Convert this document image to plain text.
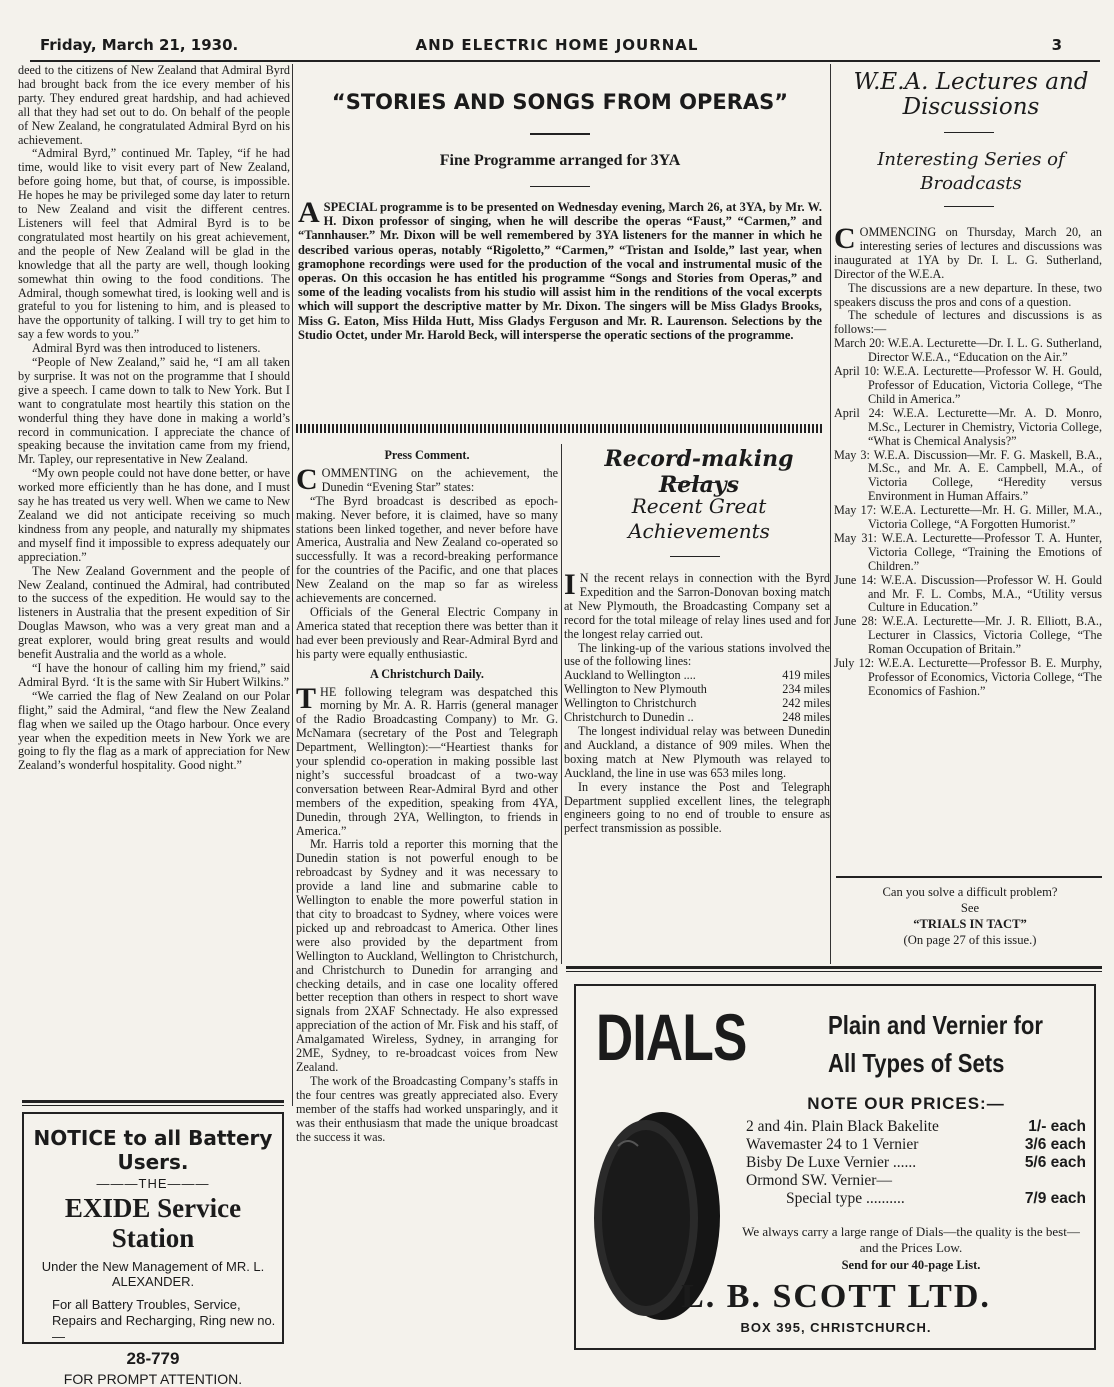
Friday, March 21, 1930.	AND ELECTRIC HOME JOURNAL	3

deed to the citizens of New Zealand that Admiral Byrd had brought back from the ice every member of his party. They endured great hardship, and had achieved all that they had set out to do. On behalf of the people of New Zealand, he congratulated Admiral Byrd on his achievement.

“Admiral Byrd,” continued Mr. Tapley, “if he had time, would like to visit every part of New Zealand, before going home, but that, of course, is impossible. He hopes he may be privileged some day later to return to New Zealand and visit the different centres. Listeners will feel that Admiral Byrd is to be congratulated most heartily on his great achievement, and the people of New Zealand will be glad in the knowledge that all the party are well, though looking somewhat thin owing to the food conditions. The Admiral, though somewhat tired, is looking well and is grateful to you for listening to him, and is pleased to have the opportunity of talking. I will try to get him to say a few words to you.”

Admiral Byrd was then introduced to listeners.

“People of New Zealand,” said he, “I am all taken by surprise. It was not on the programme that I should give a speech. I came down to talk to New York. But I want to congratulate most heartily this station on the wonderful thing they have done in making a world’s record in communication. I appreciate the chance of speaking because the invitation came from my friend, Mr. Tapley, our representative in New Zealand.

“My own people could not have done better, or have worked more efficiently than he has done, and I must say he has treated us very well. When we came to New Zealand we did not anticipate receiving so much kindness from any people, and naturally my shipmates and myself find it impossible to express adequately our appreciation.”

The New Zealand Government and the people of New Zealand, continued the Admiral, had contributed to the success of the expedition. He would say to the listeners in Australia that the present expedition of Sir Douglas Mawson, who was a very great man and a great explorer, would bring great results and would benefit Australia and the world as a whole.

“I have the honour of calling him my friend,” said Admiral Byrd. ‘It is the same with Sir Hubert Wilkins.”

“We carried the flag of New Zealand on our Polar flight,” said the Admiral, “and flew the New Zealand flag when we sailed up the Otago harbour. Once every year when the expedition meets in New York we are going to fly the flag as a mark of appreciation for New Zealand’s wonderful hospitality. Good night.”

“STORIES AND SONGS FROM OPERAS”
Fine Programme arranged for 3YA
A SPECIAL programme is to be presented on Wednesday evening, March 26, at 3YA, by Mr. W. H. Dixon professor of singing, when he will describe the operas “Faust,” “Carmen,” and “Tannhauser.” Mr. Dixon will be well remembered by 3YA listeners for the manner in which he described various operas, notably “Rigoletto,” “Carmen,” “Tristan and Isolde,” last year, when gramophone recordings were used for the production of the vocal and instrumental music of the operas. On this occasion he has entitled his programme “Songs and Stories from Operas,” and some of the leading vocalists from his studio will assist him in the renditions of the vocal excerpts which will support the descriptive matter by Mr. Dixon. The singers will be Miss Gladys Brooks, Miss G. Eaton, Miss Hilda Hutt, Miss Gladys Ferguson and Mr. R. Laurenson. Selections by the Studio Octet, under Mr. Harold Beck, will intersperse the operatic sections of the programme.

Press Comment.

COMMENTING on the achievement, the Dunedin “Evening Star” states:

“The Byrd broadcast is described as epoch-making. Never before, it is claimed, have so many stations been linked together, and never before have America, Australia and New Zealand co-operated so successfully. It was a record-breaking performance for the countries of the Pacific, and one that places New Zealand on the map so far as wireless achievements are concerned.

Officials of the General Electric Company in America stated that reception there was better than it had ever been previously and Rear-Admiral Byrd and his party were equally enthusiastic.

A Christchurch Daily.

THE following telegram was despatched this morning by Mr. A. R. Harris (general manager of the Radio Broadcasting Company) to Mr. G. McNamara (secretary of the Post and Telegraph Department, Wellington):—“Heartiest thanks for your splendid co-operation in making possible last night’s successful broadcast of a two-way conversation between Rear-Admiral Byrd and other members of the expedition, speaking from 4YA, Dunedin, through 2YA, Wellington, to friends in America.”

Mr. Harris told a reporter this morning that the Dunedin station is not powerful enough to be rebroadcast by Sydney and it was necessary to provide a land line and submarine cable to Wellington to enable the more powerful station in that city to broadcast to Sydney, where voices were picked up and rebroadcast to America. Other lines were also provided by the department from Wellington to Auckland, Wellington to Christchurch, and Christchurch to Dunedin for arranging and checking details, and in case one locality offered better reception than others in respect to short wave signals from 2XAF Schnectady. He also expressed appreciation of the action of Mr. Fisk and his staff, of Amalgamated Wireless, Sydney, in arranging for 2ME, Sydney, to re-broadcast voices from New Zealand.

The work of the Broadcasting Company’s staffs in the four centres was greatly appreciated also. Every member of the staffs had worked unsparingly, and it was their enthusiasm that made the unique broadcast the success it was.

Record-making Relays
Recent Great Achievements

I N the recent relays in connection with the Byrd Expedition and the Sarron-Donovan boxing match at New Plymouth, the Broadcasting Company set a record for the total mileage of relay lines used and for the longest relay carried out.

The linking-up of the various stations involved the use of the following lines:

Auckland to Wellington ....	419 miles
Wellington to New Plymouth	234 miles
Wellington to Christchurch	242 miles
Christchurch to Dunedin ..	248 miles

The longest individual relay was between Dunedin and Auckland, a distance of 909 miles. When the boxing match at New Plymouth was relayed to Auckland, the line in use was 653 miles long.

In every instance the Post and Telegraph Department supplied excellent lines, the telegraph engineers going to no end of trouble to ensure as perfect transmission as possible.

W.E.A. Lectures and
Discussions
Interesting Series of
Broadcasts

COMMENCING on Thursday, March 20, an interesting series of lectures and discussions was inaugurated at 1YA by Dr. I. L. G. Sutherland, Director of the W.E.A.

The discussions are a new departure. In these, two speakers discuss the pros and cons of a question.

The schedule of lectures and discussions is as follows:—

March 20: W.E.A. Lecturette—Dr. I. L. G. Sutherland, Director W.E.A., “Education on the Air.”
April 10: W.E.A. Lecturette—Professor W. H. Gould, Professor of Education, Victoria College, “The Child in America.”
April 24: W.E.A. Lecturette—Mr. A. D. Monro, M.Sc., Lecturer in Chemistry, Victoria College, “What is Chemical Analysis?”
May 3: W.E.A. Discussion—Mr. F. G. Maskell, B.A., M.Sc., and Mr. A. E. Campbell, M.A., of Victoria College, “Heredity versus Environment in Human Affairs.”
May 17: W.E.A. Lecturette—Mr. H. G. Miller, M.A., Victoria College, “A Forgotten Humorist.”
May 31: W.E.A. Lecturette—Professor T. A. Hunter, Victoria College, “Training the Emotions of Children.”
June 14: W.E.A. Discussion—Professor W. H. Gould and Mr. F. L. Combs, M.A., “Utility versus Culture in Education.”
June 28: W.E.A. Lecturette—Mr. J. R. Elliott, B.A., Lecturer in Classics, Victoria College, “The Roman Occupation of Britain.”
July 12: W.E.A. Lecturette—Professor B. E. Murphy, Professor of Economics, Victoria College, “The Economics of Fashion.”
Can you solve a difficult problem?
See
“TRIALS IN TACT”
(On page 27 of this issue.)
NOTICE to all Battery Users.
———THE———
EXIDE Service Station
Under the New Management of MR. L. ALEXANDER.
For all Battery Troubles, Service, Repairs and Recharging, Ring new no.—
28-779
FOR PROMPT ATTENTION.
DIALS	Plain and Vernier for
All Types of Sets
NOTE OUR PRICES:—
2 and 4in. Plain Black Bakelite	1/- each
Wavemaster 24 to 1 Vernier	3/6 each
Bisby De Luxe Vernier ......	5/6 each
Ormond SW. Vernier—
Special type ..........	7/9 each
We always carry a large range of Dials—the quality is the best—and the Prices Low.
Send for our 40-page List.
L. B. SCOTT LTD.
BOX 395, CHRISTCHURCH.
